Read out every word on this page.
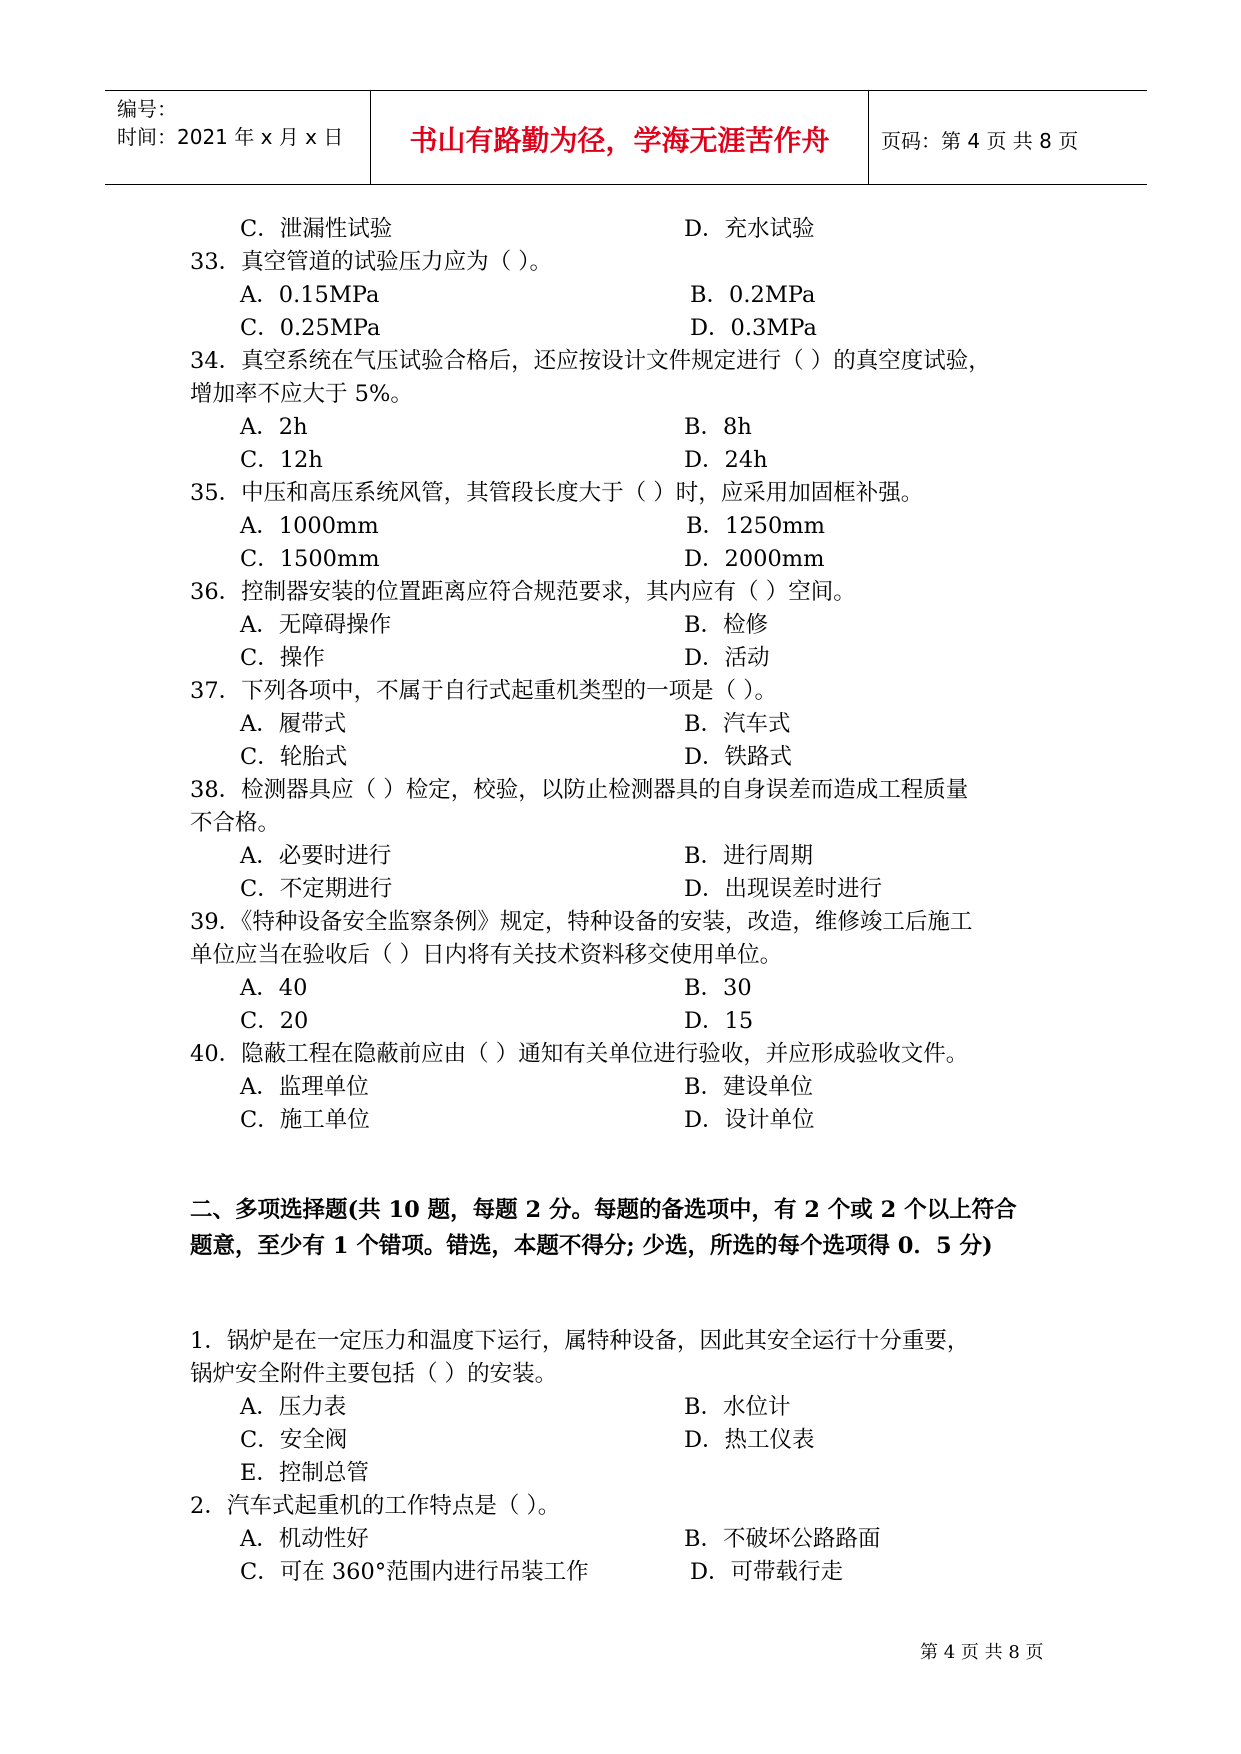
编号：
时间：2021 年 x 月 x 日	书山有路勤为径，学海无涯苦作舟	页码：第 4 页 共 8 页
C．泄漏性试验	D．充水试验
33．真空管道的试验压力应为（ ）。
A．0.15MPa	B．0.2MPa
C．0.25MPa	D．0.3MPa
34．真空系统在气压试验合格后，还应按设计文件规定进行（ ）的真空度试验，
增加率不应大于 5%。
A．2h	B．8h
C．12h	D．24h
35．中压和高压系统风管，其管段长度大于（ ）时，应采用加固框补强。
A．1000mm	B．1250mm
C．1500mm	D．2000mm
36．控制器安装的位置距离应符合规范要求，其内应有（ ）空间。
A．无障碍操作	B．检修
C．操作	D．活动
37．下列各项中，不属于自行式起重机类型的一项是（ ）。
A．履带式	B．汽车式
C．轮胎式	D．铁路式
38．检测器具应（ ）检定，校验，以防止检测器具的自身误差而造成工程质量
不合格。
A．必要时进行	B．进行周期
C．不定期进行	D．出现误差时进行
39．《特种设备安全监察条例》规定，特种设备的安装，改造，维修竣工后施工
单位应当在验收后（ ）日内将有关技术资料移交使用单位。
A．40	B．30
C．20	D．15
40．隐蔽工程在隐蔽前应由（ ）通知有关单位进行验收，并应形成验收文件。
A．监理单位	B．建设单位
C．施工单位	D．设计单位
二、多项选择题(共 10 题，每题 2 分。每题的备选项中，有 2 个或 2 个以上符合
题意，至少有 1 个错项。错选，本题不得分; 少选，所选的每个选项得 0．5 分)
1．锅炉是在一定压力和温度下运行，属特种设备，因此其安全运行十分重要，
锅炉安全附件主要包括（ ）的安装。
A．压力表	B．水位计
C．安全阀	D．热工仪表
E．控制总管
2．汽车式起重机的工作特点是（ ）。
A．机动性好	B．不破坏公路路面
C．可在 360°范围内进行吊装工作	D．可带载行走
第 4 页 共 8 页
